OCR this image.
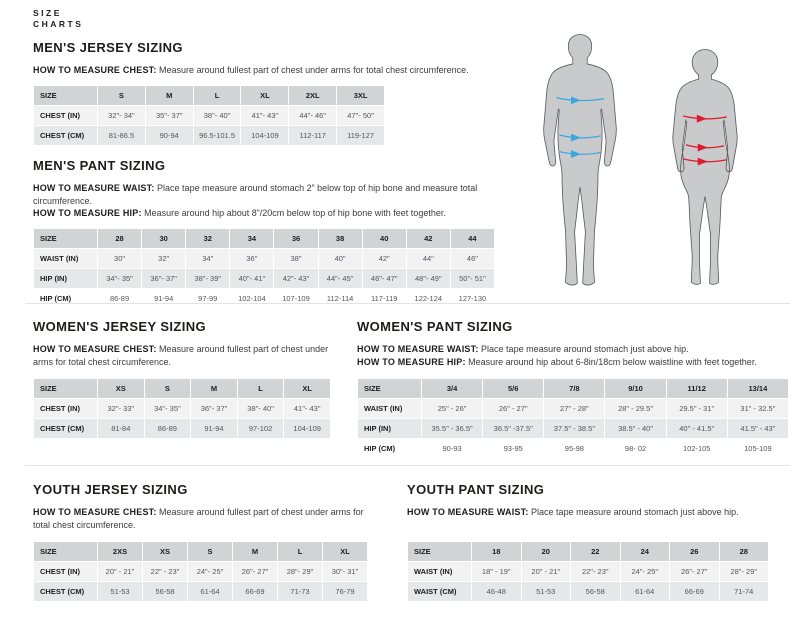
SIZE
CHARTS
MEN'S JERSEY SIZING

HOW TO MEASURE CHEST: Measure around fullest part of chest under arms for total chest circumference.

SIZE	S	M	L	XL	2XL	3XL
CHEST (IN)	32"- 34"	35"- 37"	38"- 40"	41"- 43"	44"- 46"	47"- 50"
CHEST (CM)	81-86.5	90-94	96.5-101.5	104-109	112-117	119-127
MEN'S PANT SIZING

HOW TO MEASURE WAIST: Place tape measure around stomach 2” below top of hip bone and measure total circumference.

HOW TO MEASURE HIP: Measure around hip about 8”/20cm below top of hip bone with feet together.

SIZE	28	30	32	34	36	38	40	42	44
WAIST (IN)	30"	32"	34"	36"	38"	40"	42"	44"	46"
HIP (IN)	34"- 35"	36"- 37"	38"- 39"	40"- 41"	42"- 43"	44"- 45"	46"- 47"	48"- 49"	50"- 51"
HIP (CM)	86-89	91-94	97-99	102-104	107-109	112-114	117-119	122-124	127-130
WOMEN'S JERSEY SIZING

HOW TO MEASURE CHEST: Measure around fullest part of chest under arms for total chest circumference.

SIZE	XS	S	M	L	XL
CHEST (IN)	32"- 33"	34"- 35"	36"- 37"	38"- 40"	41"- 43"
CHEST (CM)	81-84	86-89	91-94	97-102	104-109
WOMEN'S PANT SIZING

HOW TO MEASURE WAIST: Place tape measure around stomach just above hip.

HOW TO MEASURE HIP: Measure around hip about 6-8in/18cm below waistline with feet together.

SIZE	3/4	5/6	7/8	9/10	11/12	13/14
WAIST (IN)	25" - 26"	26" - 27"	27" - 28"	28" - 29.5"	29.5" - 31"	31" - 32.5"
HIP (IN)	35.5" - 36.5"	36.5" -37.5"	37.5" - 38.5"	38.5" - 40"	40" - 41.5"	41.5" - 43"
HIP (CM)	90-93	93-95	95-98	98- 02	102-105	105-109
YOUTH JERSEY SIZING

HOW TO MEASURE CHEST: Measure around fullest part of chest under arms for total chest circumference.

SIZE	2XS	XS	S	M	L	XL
CHEST (IN)	20" - 21"	22" - 23"	24"- 25"	26"- 27"	28"- 29"	30"- 31"
CHEST (CM)	51-53	56-58	61-64	66-69	71-73	76-79
YOUTH PANT SIZING

HOW TO MEASURE WAIST: Place tape measure around stomach just above hip.

SIZE	18	20	22	24	26	28
WAIST (IN)	18" - 19"	20" - 21"	22"- 23"	24"- 25"	26"- 27"	28"- 29"
WAIST (CM)	46-48	51-53	56-58	61-64	66-69	71-74
